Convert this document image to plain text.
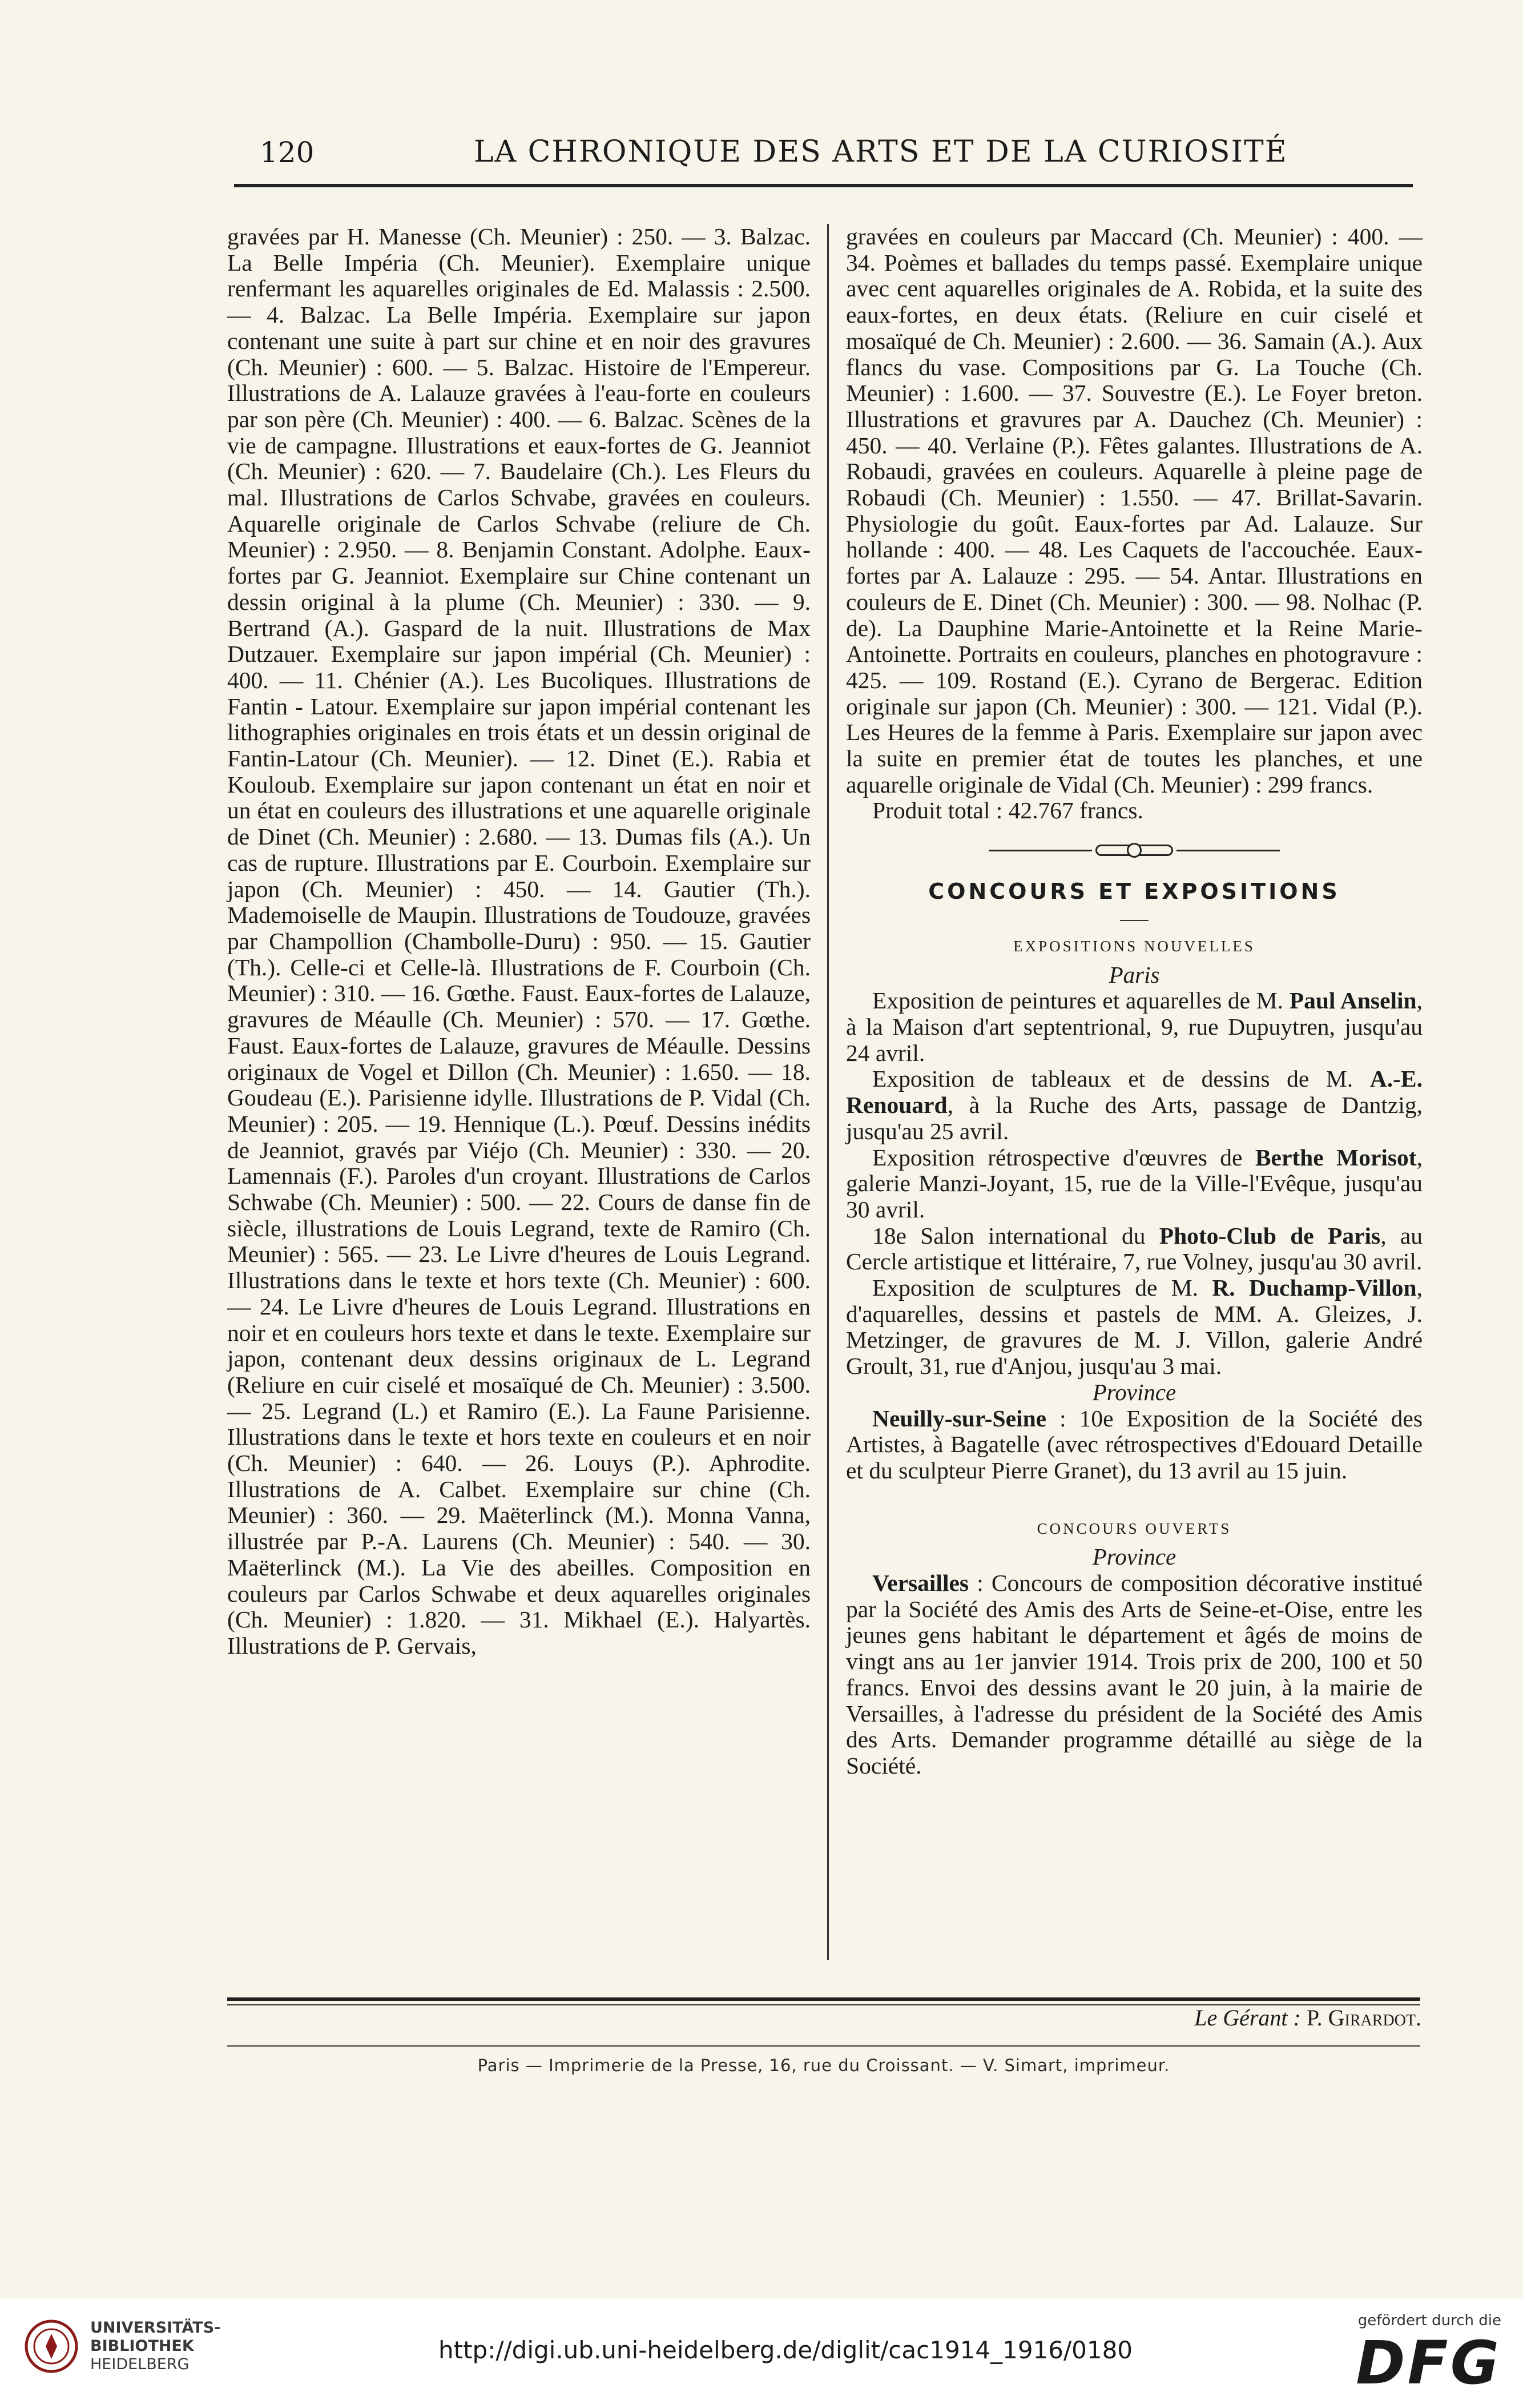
120	LA CHRONIQUE DES ARTS ET DE LA CURIOSITÉ

gravées par H. Manesse (Ch. Meunier) : 250. — 3. Balzac. La Belle Impéria (Ch. Meunier). Exemplaire unique renfermant les aquarelles originales de Ed. Malassis : 2.500. — 4. Balzac. La Belle Impéria. Exemplaire sur japon contenant une suite à part sur chine et en noir des gravures (Ch. Meunier) : 600. — 5. Balzac. Histoire de l'Empereur. Illustrations de A. Lalauze gravées à l'eau-forte en couleurs par son père (Ch. Meunier) : 400. — 6. Balzac. Scènes de la vie de campagne. Illustrations et eaux-fortes de G. Jeanniot (Ch. Meunier) : 620. — 7. Baudelaire (Ch.). Les Fleurs du mal. Illustrations de Carlos Schvabe, gravées en couleurs. Aquarelle originale de Carlos Schvabe (reliure de Ch. Meunier) : 2.950. — 8. Benjamin Constant. Adolphe. Eaux-fortes par G. Jeanniot. Exemplaire sur Chine contenant un dessin original à la plume (Ch. Meunier) : 330. — 9. Bertrand (A.). Gaspard de la nuit. Illustrations de Max Dutzauer. Exemplaire sur japon impérial (Ch. Meunier) : 400. — 11. Chénier (A.). Les Bucoliques. Illustrations de Fantin - Latour. Exemplaire sur japon impérial contenant les lithographies originales en trois états et un dessin original de Fantin-Latour (Ch. Meunier). — 12. Dinet (E.). Rabia et Kouloub. Exemplaire sur japon contenant un état en noir et un état en couleurs des illustrations et une aquarelle originale de Dinet (Ch. Meunier) : 2.680. — 13. Dumas fils (A.). Un cas de rupture. Illustrations par E. Courboin. Exemplaire sur japon (Ch. Meunier) : 450. — 14. Gautier (Th.). Mademoiselle de Maupin. Illustrations de Toudouze, gravées par Champollion (Chambolle-Duru) : 950. — 15. Gautier (Th.). Celle-ci et Celle-là. Illustrations de F. Courboin (Ch. Meunier) : 310. — 16. Gœthe. Faust. Eaux-fortes de Lalauze, gravures de Méaulle (Ch. Meunier) : 570. — 17. Gœthe. Faust. Eaux-fortes de Lalauze, gravures de Méaulle. Dessins originaux de Vogel et Dillon (Ch. Meunier) : 1.650. — 18. Goudeau (E.). Parisienne idylle. Illustrations de P. Vidal (Ch. Meunier) : 205. — 19. Hennique (L.). Pœuf. Dessins inédits de Jeanniot, gravés par Viéjo (Ch. Meunier) : 330. — 20. Lamennais (F.). Paroles d'un croyant. Illustrations de Carlos Schwabe (Ch. Meunier) : 500. — 22. Cours de danse fin de siècle, illustrations de Louis Legrand, texte de Ramiro (Ch. Meunier) : 565. — 23. Le Livre d'heures de Louis Legrand. Illustrations dans le texte et hors texte (Ch. Meunier) : 600. — 24. Le Livre d'heures de Louis Legrand. Illustrations en noir et en couleurs hors texte et dans le texte. Exemplaire sur japon, contenant deux dessins originaux de L. Legrand (Reliure en cuir ciselé et mosaïqué de Ch. Meunier) : 3.500.— 25. Legrand (L.) et Ramiro (E.). La Faune Parisienne. Illustrations dans le texte et hors texte en couleurs et en noir (Ch. Meunier) : 640. — 26. Louys (P.). Aphrodite. Illustrations de A. Calbet. Exemplaire sur chine (Ch. Meunier) : 360. — 29. Maëterlinck (M.). Monna Vanna, illustrée par P.-A. Laurens (Ch. Meunier) : 540. — 30. Maëterlinck (M.). La Vie des abeilles. Composition en couleurs par Carlos Schwabe et deux aquarelles originales (Ch. Meunier) : 1.820. — 31. Mikhael (E.). Halyartès. Illustrations de P. Gervais,

gravées en couleurs par Maccard (Ch. Meunier) : 400. — 34. Poèmes et ballades du temps passé. Exemplaire unique avec cent aquarelles originales de A. Robida, et la suite des eaux-fortes, en deux états. (Reliure en cuir ciselé et mosaïqué de Ch. Meunier) : 2.600. — 36. Samain (A.). Aux flancs du vase. Compositions par G. La Touche (Ch. Meunier) : 1.600. — 37. Souvestre (E.). Le Foyer breton. Illustrations et gravures par A. Dauchez (Ch. Meunier) : 450. — 40. Verlaine (P.). Fêtes galantes. Illustrations de A. Robaudi, gravées en couleurs. Aquarelle à pleine page de Robaudi (Ch. Meunier) : 1.550. — 47. Brillat-Savarin. Physiologie du goût. Eaux-fortes par Ad. Lalauze. Sur hollande : 400. — 48. Les Caquets de l'accouchée. Eaux-fortes par A. Lalauze : 295. — 54. Antar. Illustrations en couleurs de E. Dinet (Ch. Meunier) : 300. — 98. Nolhac (P. de). La Dauphine Marie-Antoinette et la Reine Marie-Antoinette. Portraits en couleurs, planches en photogravure : 425. — 109. Rostand (E.). Cyrano de Bergerac. Edition originale sur japon (Ch. Meunier) : 300. — 121. Vidal (P.). Les Heures de la femme à Paris. Exemplaire sur japon avec la suite en premier état de toutes les planches, et une aquarelle originale de Vidal (Ch. Meunier) : 299 francs.

Produit total : 42.767 francs.

CONCOURS ET EXPOSITIONS
EXPOSITIONS NOUVELLES
Paris

Exposition de peintures et aquarelles de M. Paul Anselin, à la Maison d'art septentrional, 9, rue Dupuytren, jusqu'au 24 avril.

Exposition de tableaux et de dessins de M. A.-E. Renouard, à la Ruche des Arts, passage de Dantzig, jusqu'au 25 avril.

Exposition rétrospective d'œuvres de Berthe Morisot, galerie Manzi-Joyant, 15, rue de la Ville-l'Evêque, jusqu'au 30 avril.

18e Salon international du Photo-Club de Paris, au Cercle artistique et littéraire, 7, rue Volney, jusqu'au 30 avril.

Exposition de sculptures de M. R. Duchamp-Villon, d'aquarelles, dessins et pastels de MM. A. Gleizes, J. Metzinger, de gravures de M. J. Villon, galerie André Groult, 31, rue d'Anjou, jusqu'au 3 mai.

Province

Neuilly-sur-Seine : 10e Exposition de la Société des Artistes, à Bagatelle (avec rétrospectives d'Edouard Detaille et du sculpteur Pierre Granet), du 13 avril au 15 juin.

CONCOURS OUVERTS
Province

Versailles : Concours de composition décorative institué par la Société des Amis des Arts de Seine-et-Oise, entre les jeunes gens habitant le département et âgés de moins de vingt ans au 1er janvier 1914. Trois prix de 200, 100 et 50 francs. Envoi des dessins avant le 20 juin, à la mairie de Versailles, à l'adresse du président de la Société des Amis des Arts. Demander programme détaillé au siège de la Société.

Le Gérant : P. Girardot.
Paris — Imprimerie de la Presse, 16, rue du Croissant. — V. Simart, imprimeur.
UNIVERSITÄTS-
BIBLIOTHEK
HEIDELBERG
http://digi.ub.uni-heidelberg.de/diglit/cac1914_1916/0180
gefördert durch die
DFG
